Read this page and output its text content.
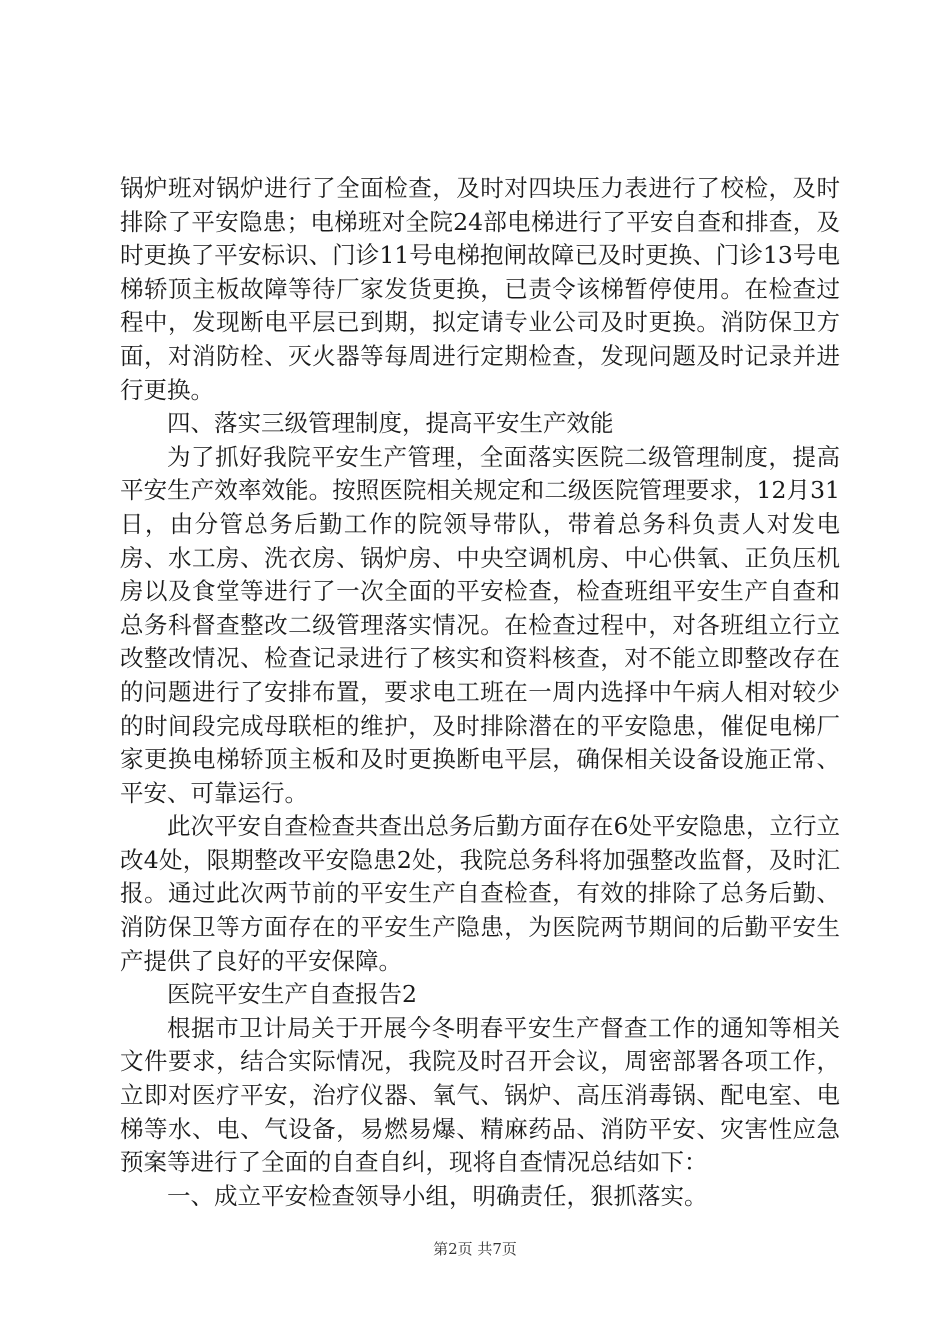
锅炉班对锅炉进行了全面检查，及时对四块压力表进行了校检，及时排除了平安隐患；电梯班对全院24部电梯进行了平安自查和排查，及时更换了平安标识、门诊11号电梯抱闸故障已及时更换、门诊13号电梯轿顶主板故障等待厂家发货更换，已责令该梯暂停使用。在检查过程中，发现断电平层已到期，拟定请专业公司及时更换。消防保卫方面，对消防栓、灭火器等每周进行定期检查，发现问题及时记录并进行更换。

四、落实三级管理制度，提高平安生产效能

为了抓好我院平安生产管理，全面落实医院二级管理制度，提高平安生产效率效能。按照医院相关规定和二级医院管理要求，12月31日，由分管总务后勤工作的院领导带队，带着总务科负责人对发电房、水工房、洗衣房、锅炉房、中央空调机房、中心供氧、正负压机房以及食堂等进行了一次全面的平安检查，检查班组平安生产自查和总务科督查整改二级管理落实情况。在检查过程中，对各班组立行立改整改情况、检查记录进行了核实和资料核查，对不能立即整改存在的问题进行了安排布置，要求电工班在一周内选择中午病人相对较少的时间段完成母联柜的维护，及时排除潜在的平安隐患，催促电梯厂家更换电梯轿顶主板和及时更换断电平层，确保相关设备设施正常、平安、可靠运行。

此次平安自查检查共查出总务后勤方面存在6处平安隐患，立行立改4处，限期整改平安隐患2处，我院总务科将加强整改监督，及时汇报。通过此次两节前的平安生产自查检查，有效的排除了总务后勤、消防保卫等方面存在的平安生产隐患，为医院两节期间的后勤平安生产提供了良好的平安保障。

医院平安生产自查报告2

根据市卫计局关于开展今冬明春平安生产督查工作的通知等相关文件要求，结合实际情况，我院及时召开会议，周密部署各项工作，立即对医疗平安，治疗仪器、氧气、锅炉、高压消毒锅、配电室、电梯等水、电、气设备，易燃易爆、精麻药品、消防平安、灾害性应急预案等进行了全面的自查自纠，现将自查情况总结如下：

一、成立平安检查领导小组，明确责任，狠抓落实。

第2页 共7页
